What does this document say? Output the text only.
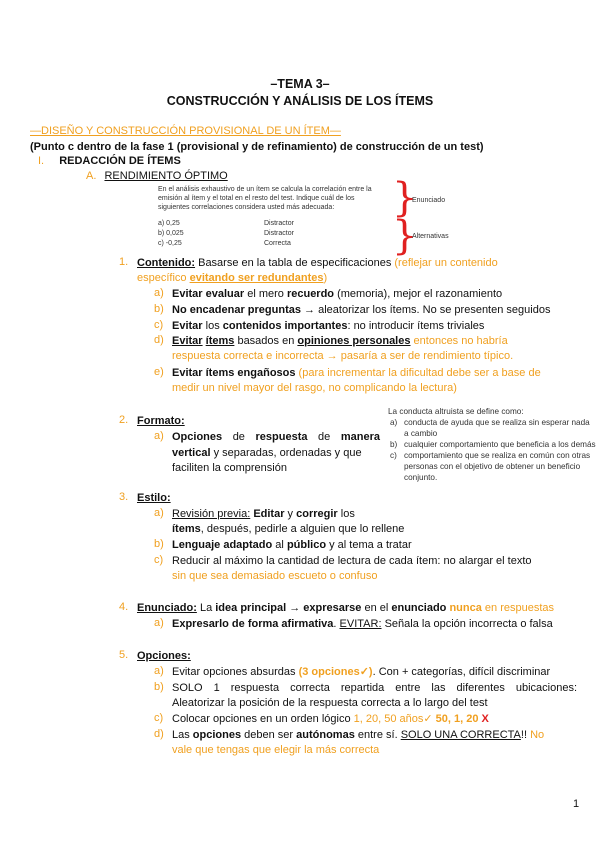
–TEMA 3–
CONSTRUCCIÓN Y ANÁLISIS DE LOS ÍTEMS
—DISEÑO Y CONSTRUCCIÓN PROVISIONAL DE UN ÍTEM—
(Punto c dentro de la fase 1 (provisional y de refinamiento) de construcción de un test)
I. REDACCIÓN DE ÍTEMS
A. RENDIMIENTO ÓPTIMO
En el análisis exhaustivo de un ítem se calcula la correlación entre la
emisión al ítem y el total en el resto del test. Indique cuál de los
siguientes correlaciones considera usted más adecuada:
a) 0,25	Distractor
b) 0,025	Distractor
c) -0,25	Correcta
}
Enunciado
}
Alternativas
1. Contenido: Basarse en la tabla de especificaciones (reflejar un contenido
específico evitando ser redundantes)
a) Evitar evaluar el mero recuerdo (memoria), mejor el razonamiento
b) No encadenar preguntas → aleatorizar los ítems. No se presenten seguidos
c) Evitar los contenidos importantes: no introducir ítems triviales
d) Evitar ítems basados en opiniones personales entonces no habría
respuesta correcta e incorrecta → pasaría a ser de rendimiento típico.
e) Evitar ítems engañosos (para incrementar la dificultad debe ser a base de
medir un nivel mayor del rasgo, no complicando la lectura)
2. Formato:
a) Opciones de respuesta de manera vertical y separadas, ordenadas y que
faciliten la comprensión
La conducta altruista se define como:
a) conducta de ayuda que se realiza sin esperar nada a cambio
b) cualquier comportamiento que beneficia a los demás
c) comportamiento que se realiza en común con otras personas con el objetivo de obtener un beneficio conjunto.
3. Estilo:
a) Revisión previa: Editar y corregir los
ítems, después, pedirle a alguien que lo rellene
b) Lenguaje adaptado al público y al tema a tratar
c) Reducir al máximo la cantidad de lectura de cada ítem: no alargar el texto
sin que sea demasiado escueto o confuso
4. Enunciado: La idea principal → expresarse en el enunciado nunca en respuestas
a) Expresarlo de forma afirmativa. EVITAR: Señala la opción incorrecta o falsa
5. Opciones:
a) Evitar opciones absurdas (3 opciones✓). Con + categorías, difícil discriminar
b) SOLO 1 respuesta correcta repartida entre las diferentes ubicaciones:
Aleatorizar la posición de la respuesta correcta a lo largo del test
c) Colocar opciones en un orden lógico 1, 20, 50 años✓ 50, 1, 20 X
d) Las opciones deben ser autónomas entre sí. SOLO UNA CORRECTA!! No
vale que tengas que elegir la más correcta
1
